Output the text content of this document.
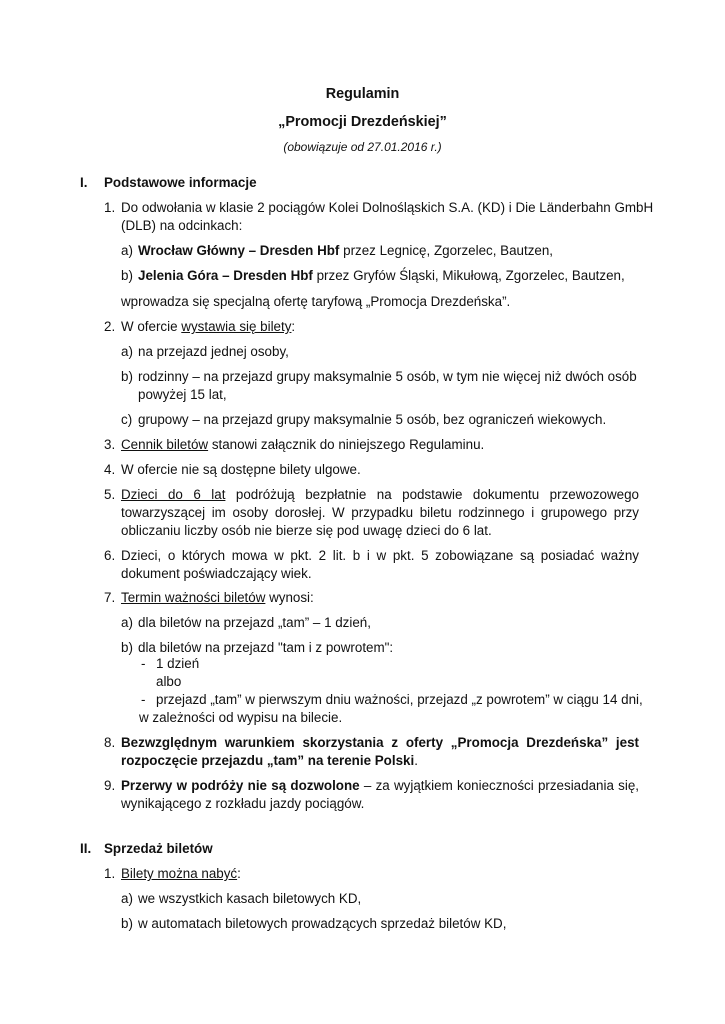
Regulamin
„Promocji Drezdeńskiej”
(obowiązuje od 27.01.2016 r.)
I. Podstawowe informacje
1. Do odwołania w klasie 2 pociągów Kolei Dolnośląskich S.A. (KD) i Die Länderbahn GmbH
(DLB) na odcinkach:
a) Wrocław Główny – Dresden Hbf przez Legnicę, Zgorzelec, Bautzen,
b) Jelenia Góra – Dresden Hbf przez Gryfów Śląski, Mikułową, Zgorzelec, Bautzen,
wprowadza się specjalną ofertę taryfową „Promocja Drezdeńska”.
2. W ofercie wystawia się bilety:
a) na przejazd jednej osoby,
b) rodzinny – na przejazd grupy maksymalnie 5 osób, w tym nie więcej niż dwóch osób
powyżej 15 lat,
c) grupowy – na przejazd grupy maksymalnie 5 osób, bez ograniczeń wiekowych.
3. Cennik biletów stanowi załącznik do niniejszego Regulaminu.
4. W ofercie nie są dostępne bilety ulgowe.
5. Dzieci do 6 lat podróżują bezpłatnie na podstawie dokumentu przewozowego
towarzyszącej im osoby dorosłej. W przypadku biletu rodzinnego i grupowego przy
obliczaniu liczby osób nie bierze się pod uwagę dzieci do 6 lat.
6. Dzieci, o których mowa w pkt. 2 lit. b i w pkt. 5 zobowiązane są posiadać ważny
dokument poświadczający wiek.
7. Termin ważności biletów wynosi:
a) dla biletów na przejazd „tam” – 1 dzień,
b) dla biletów na przejazd "tam i z powrotem":
- 1 dzień
albo
- przejazd „tam” w pierwszym dniu ważności, przejazd „z powrotem” w ciągu 14 dni,
w zależności od wypisu na bilecie.
8. Bezwzględnym warunkiem skorzystania z oferty „Promocja Drezdeńska” jest
rozpoczęcie przejazdu „tam” na terenie Polski.
9. Przerwy w podróży nie są dozwolone – za wyjątkiem konieczności przesiadania się,
wynikającego z rozkładu jazdy pociągów.
II. Sprzedaż biletów
1. Bilety można nabyć:
a) we wszystkich kasach biletowych KD,
b) w automatach biletowych prowadzących sprzedaż biletów KD,
